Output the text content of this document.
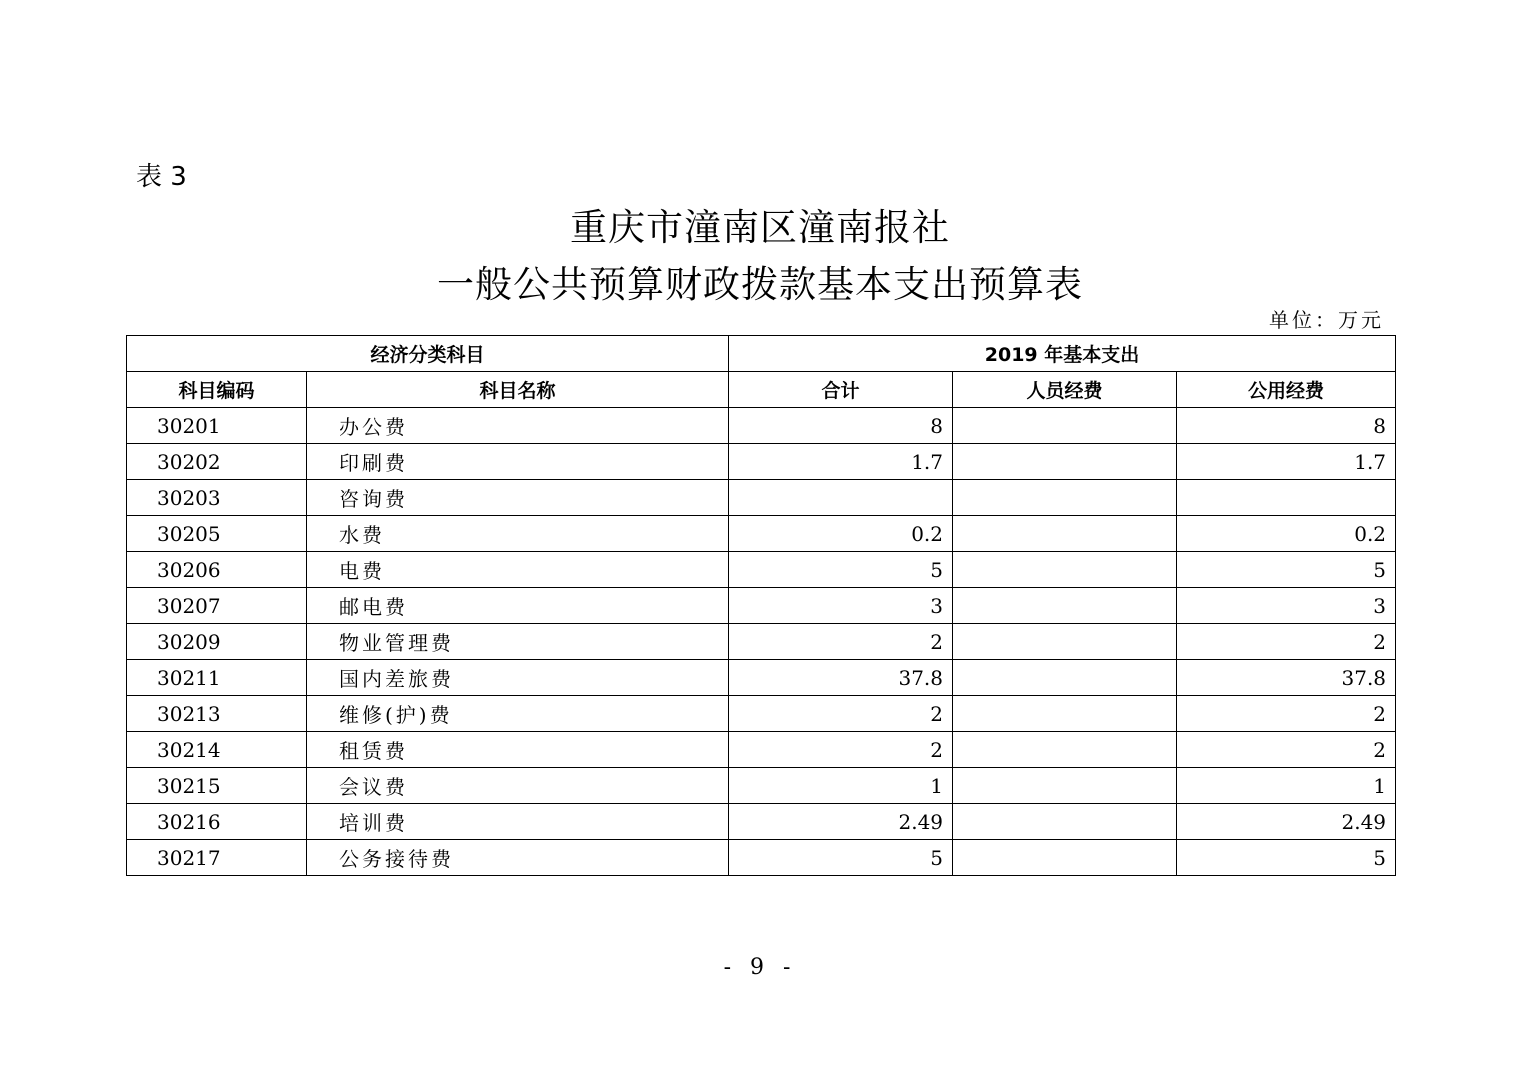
表 3
重庆市潼南区潼南报社
一般公共预算财政拨款基本支出预算表
单位：万元
经济分类科目		2019 年基本支出		
科目编码	科目名称	合计	人员经费	公用经费
30201	办公费	8		8
30202	印刷费	1.7		1.7
30203	咨询费			
30205	水费	0.2		0.2
30206	电费	5		5
30207	邮电费	3		3
30209	物业管理费	2		2
30211	国内差旅费	37.8		37.8
30213	维修(护)费	2		2
30214	租赁费	2		2
30215	会议费	1		1
30216	培训费	2.49		2.49
30217	公务接待费	5		5
- 9 -
